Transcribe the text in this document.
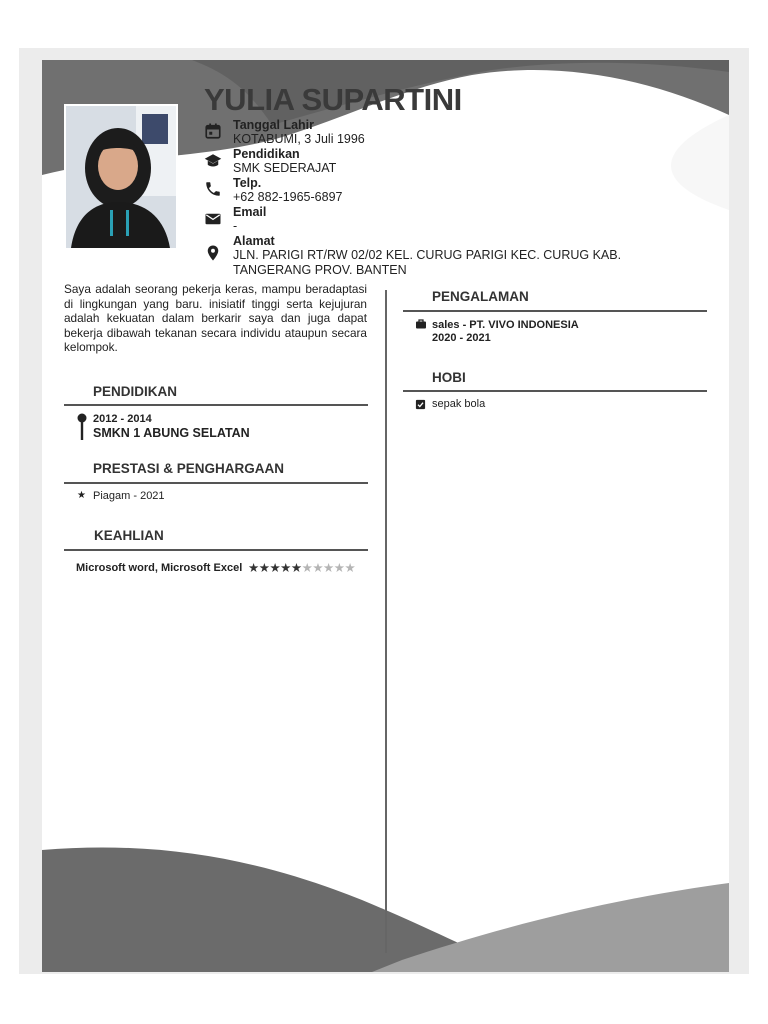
YULIA SUPARTINI
Tanggal Lahir
KOTABUMI, 3 Juli 1996
Pendidikan
SMK SEDERAJAT
Telp.
+62 882-1965-6897
Email
-
Alamat
JLN. PARIGI RT/RW 02/02 KEL. CURUG PARIGI KEC. CURUG KAB. TANGERANG PROV. BANTEN
Saya adalah seorang pekerja keras, mampu beradaptasi di lingkungan yang baru. inisiatif tinggi serta kejujuran adalah kekuatan dalam berkarir saya dan juga dapat bekerja dibawah tekanan secara individu ataupun secara kelompok.
PENDIDIKAN
2012 - 2014
SMKN 1 ABUNG SELATAN
PRESTASI & PENGHARGAAN
★ Piagam - 2021
KEAHLIAN
Microsoft word, Microsoft Excel ★★★★★★★★★★
PENGALAMAN
sales - PT. VIVO INDONESIA
2020 - 2021
HOBI
sepak bola
